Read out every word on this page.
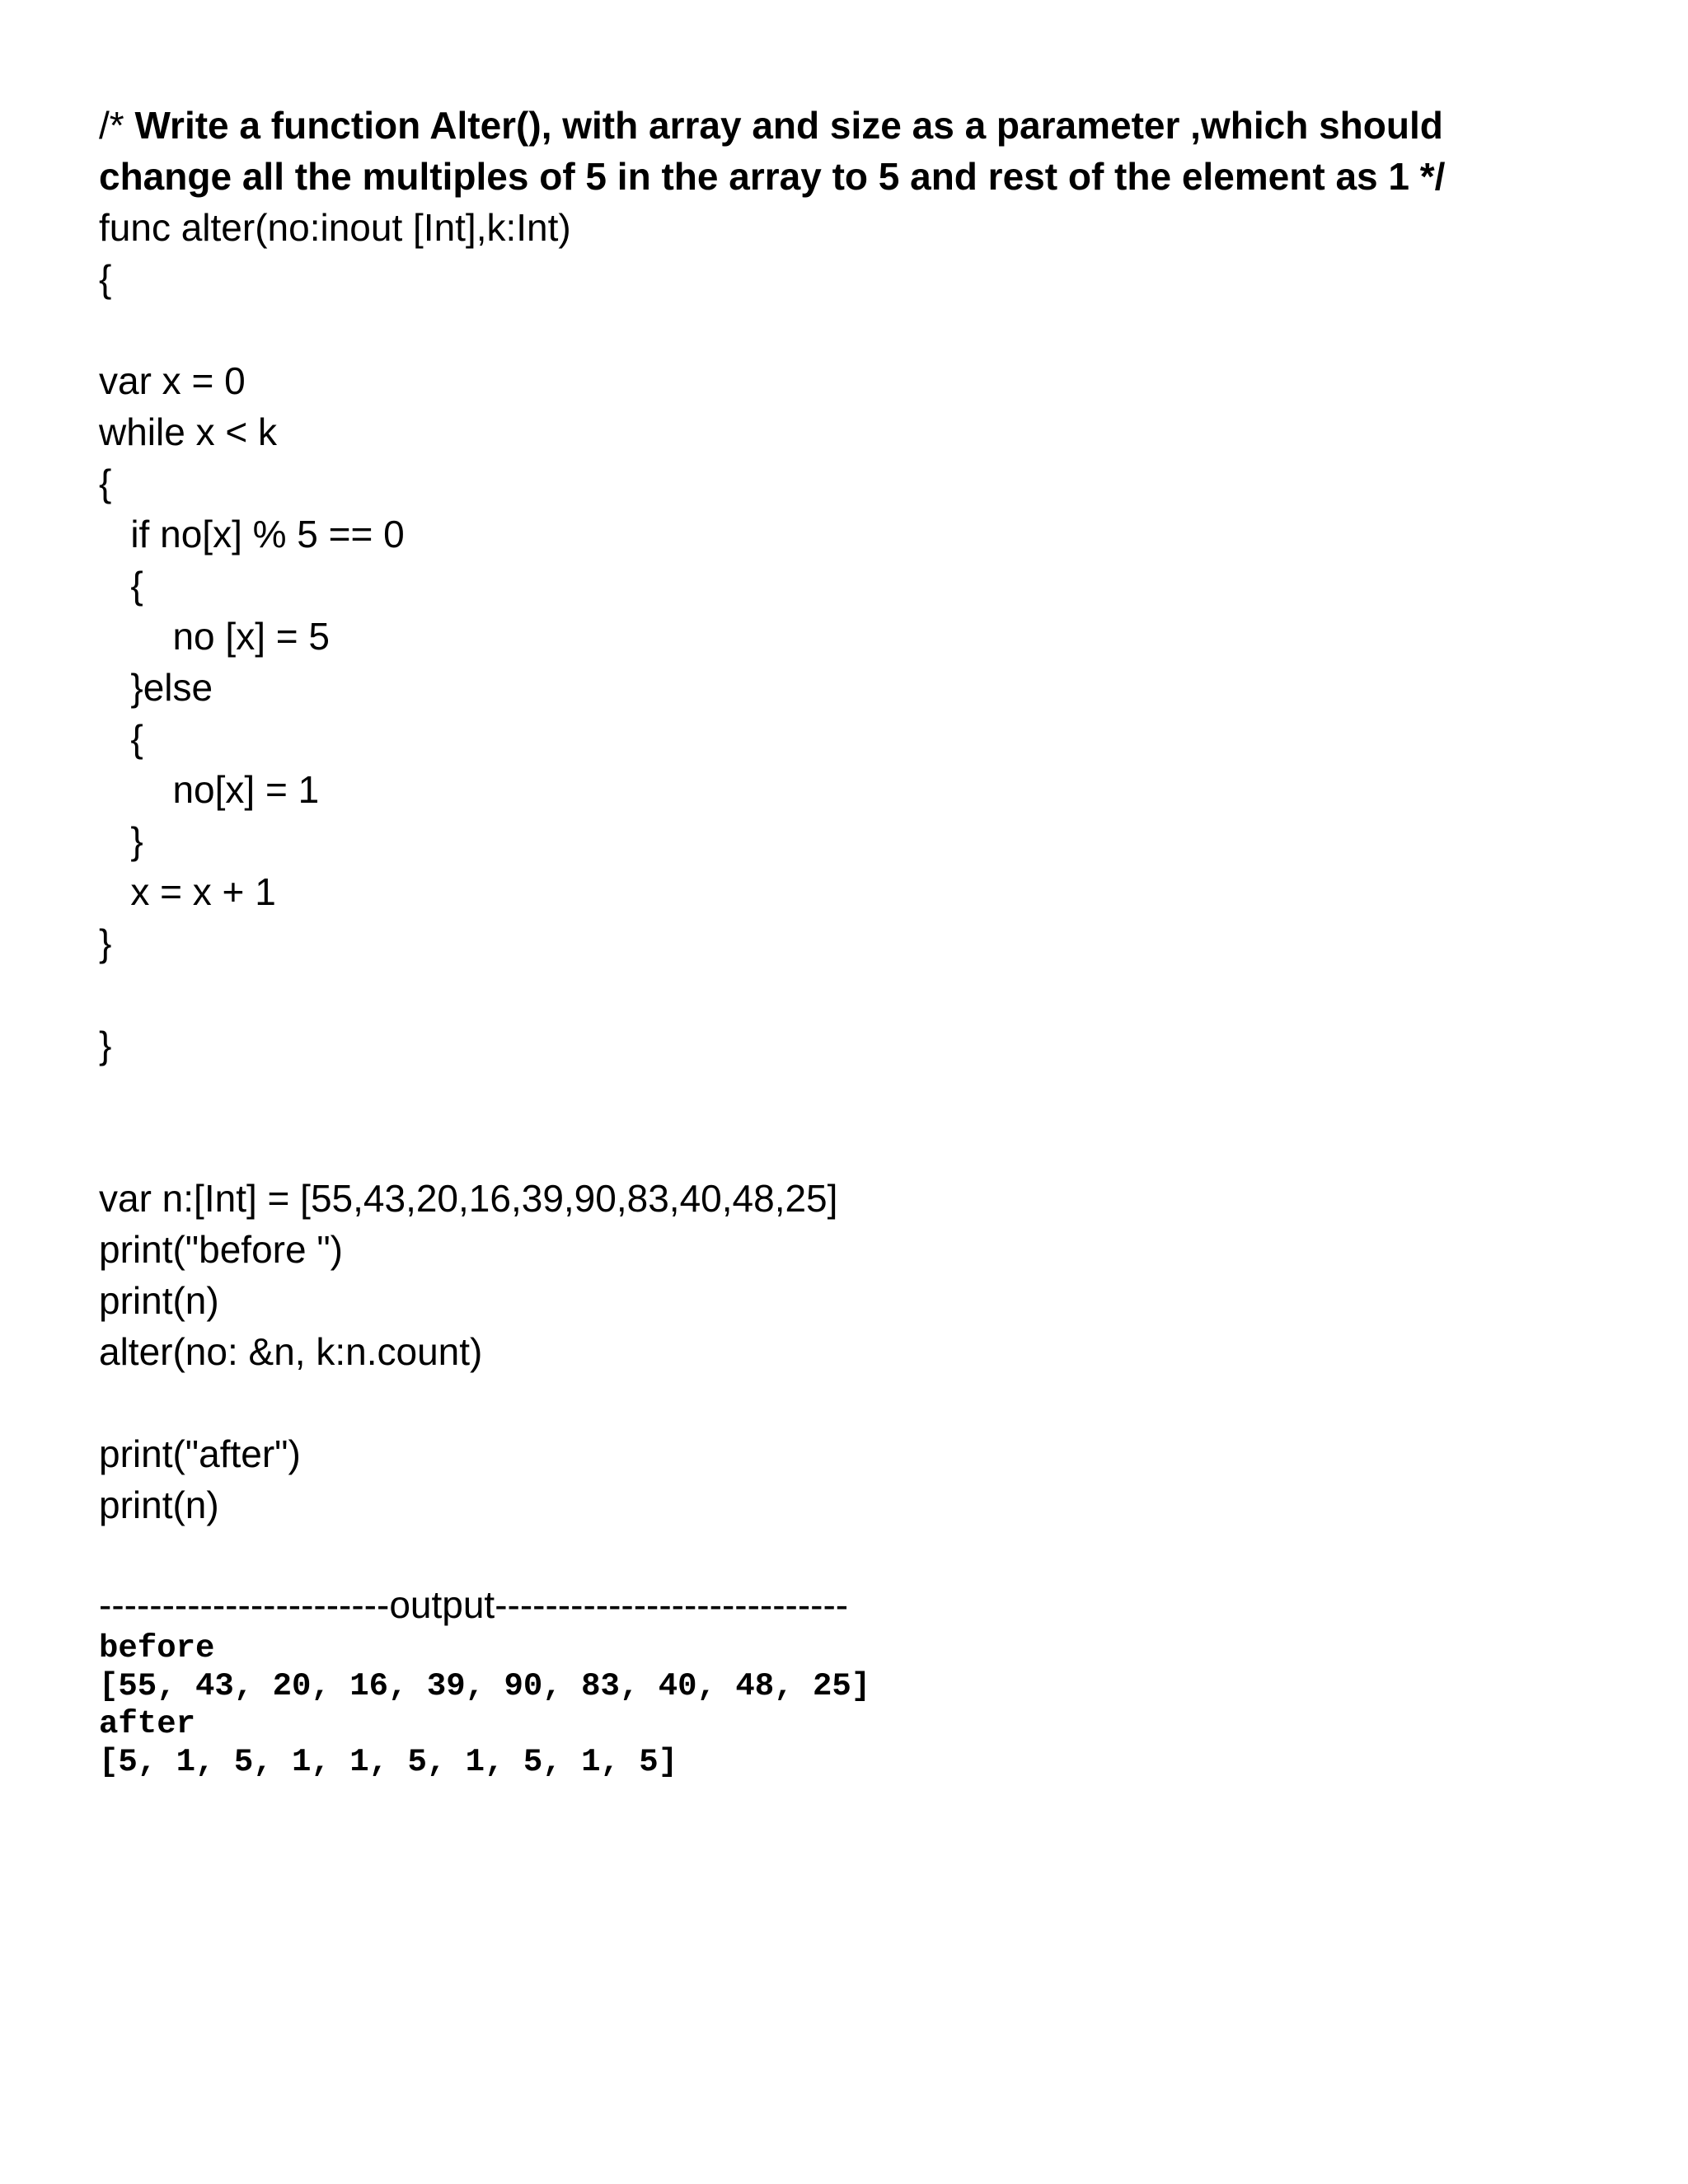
/* Write a function Alter(), with array and size as a parameter ,which should
change all the multiples of 5 in the array to 5 and rest of the element as 1 */
func alter(no:inout [Int],k:Int)
{
var x = 0
while x < k
{
if no[x] % 5 == 0
{
no [x] = 5
}else
{
no[x] = 1
}
x = x + 1
}
}
var n:[Int] = [55,43,20,16,39,90,83,40,48,25]
print("before ")
print(n)
alter(no: &n, k:n.count)
print("after")
print(n)
-----------------------output----------------------------
before
[55, 43, 20, 16, 39, 90, 83, 40, 48, 25]
after
[5, 1, 5, 1, 1, 5, 1, 5, 1, 5]
